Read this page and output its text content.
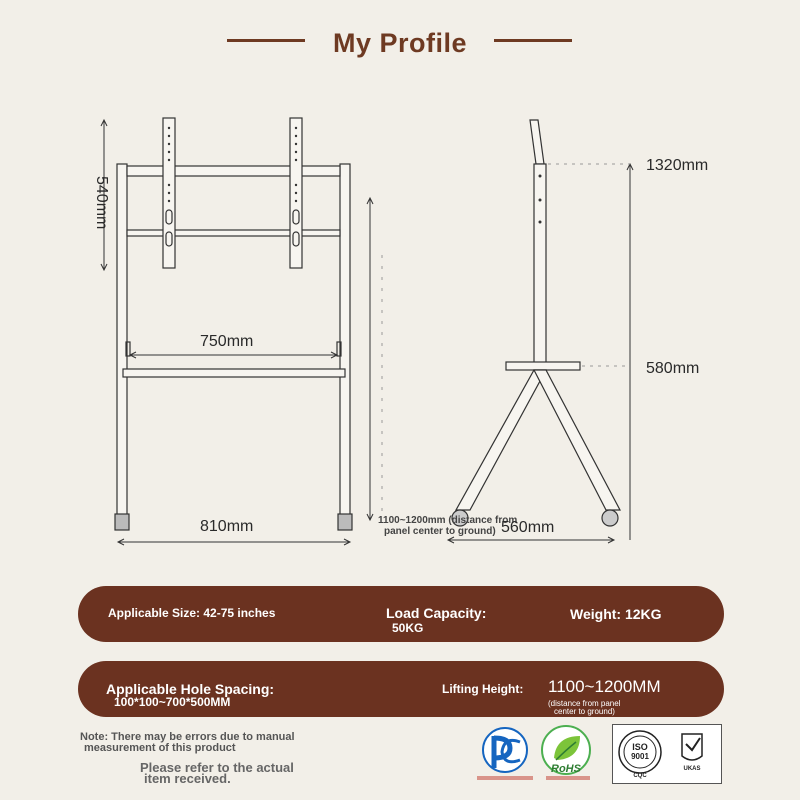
My Profile
540mm
750mm
810mm	1100~1200mm (distance from
panel center to ground)
1320mm
580mm
560mm
Applicable Size: 42-75 inches	Load Capacity:
50KG
Weight: 12KG
Applicable Hole Spacing:
100*100~700*500MM
Lifting Height: 1100~1200MM
(distance from panel
center to ground)
Note: There may be errors due to manual
measurement of this product
Please refer to the actual
item received.
RoHS
ISO
9001
CQC
UKAS
